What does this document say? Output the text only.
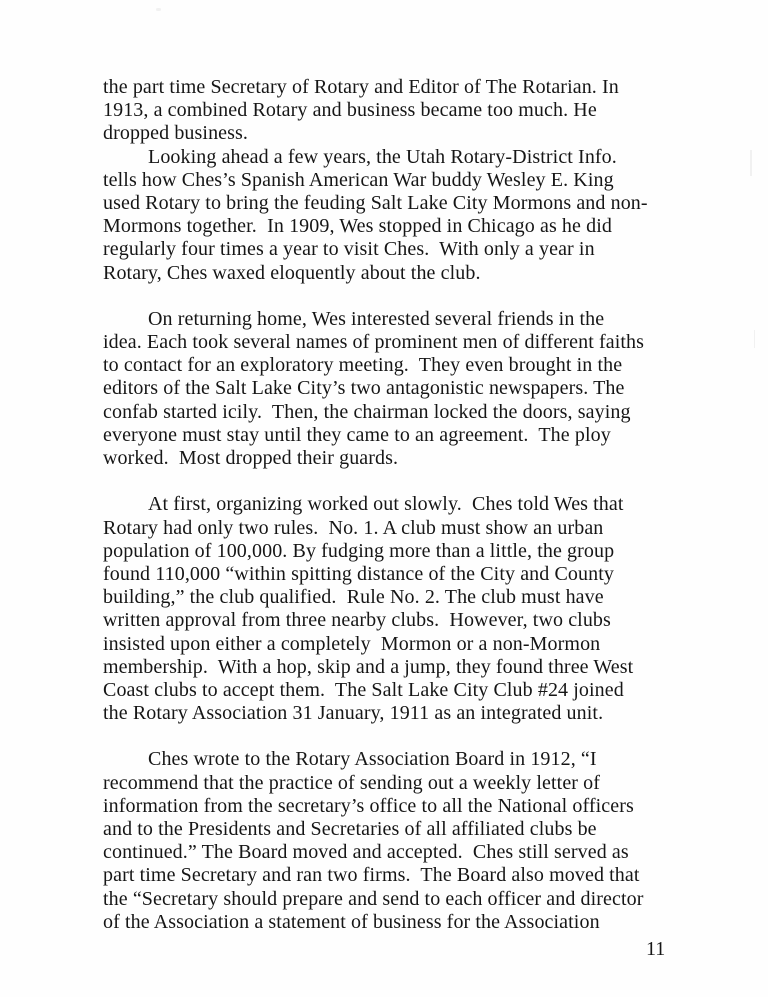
the part time Secretary of Rotary and Editor of The Rotarian. In
1913, a combined Rotary and business became too much. He
dropped business.
Looking ahead a few years, the Utah Rotary-District Info.
tells how Ches’s Spanish American War buddy Wesley E. King
used Rotary to bring the feuding Salt Lake City Mormons and non-
Mormons together.  In 1909, Wes stopped in Chicago as he did
regularly four times a year to visit Ches.  With only a year in
Rotary, Ches waxed eloquently about the club.
On returning home, Wes interested several friends in the
idea. Each took several names of prominent men of different faiths
to contact for an exploratory meeting.  They even brought in the
editors of the Salt Lake City’s two antagonistic newspapers. The
confab started icily.  Then, the chairman locked the doors, saying
everyone must stay until they came to an agreement.  The ploy
worked.  Most dropped their guards.
At first, organizing worked out slowly.  Ches told Wes that
Rotary had only two rules.  No. 1. A club must show an urban
population of 100,000. By fudging more than a little, the group
found 110,000 “within spitting distance of the City and County
building,” the club qualified.  Rule No. 2. The club must have
written approval from three nearby clubs.  However, two clubs
insisted upon either a completely  Mormon or a non-Mormon
membership.  With a hop, skip and a jump, they found three West
Coast clubs to accept them.  The Salt Lake City Club #24 joined
the Rotary Association 31 January, 1911 as an integrated unit.
Ches wrote to the Rotary Association Board in 1912, “I
recommend that the practice of sending out a weekly letter of
information from the secretary’s office to all the National officers
and to the Presidents and Secretaries of all affiliated clubs be
continued.” The Board moved and accepted.  Ches still served as
part time Secretary and ran two firms.  The Board also moved that
the “Secretary should prepare and send to each officer and director
of the Association a statement of business for the Association
11
